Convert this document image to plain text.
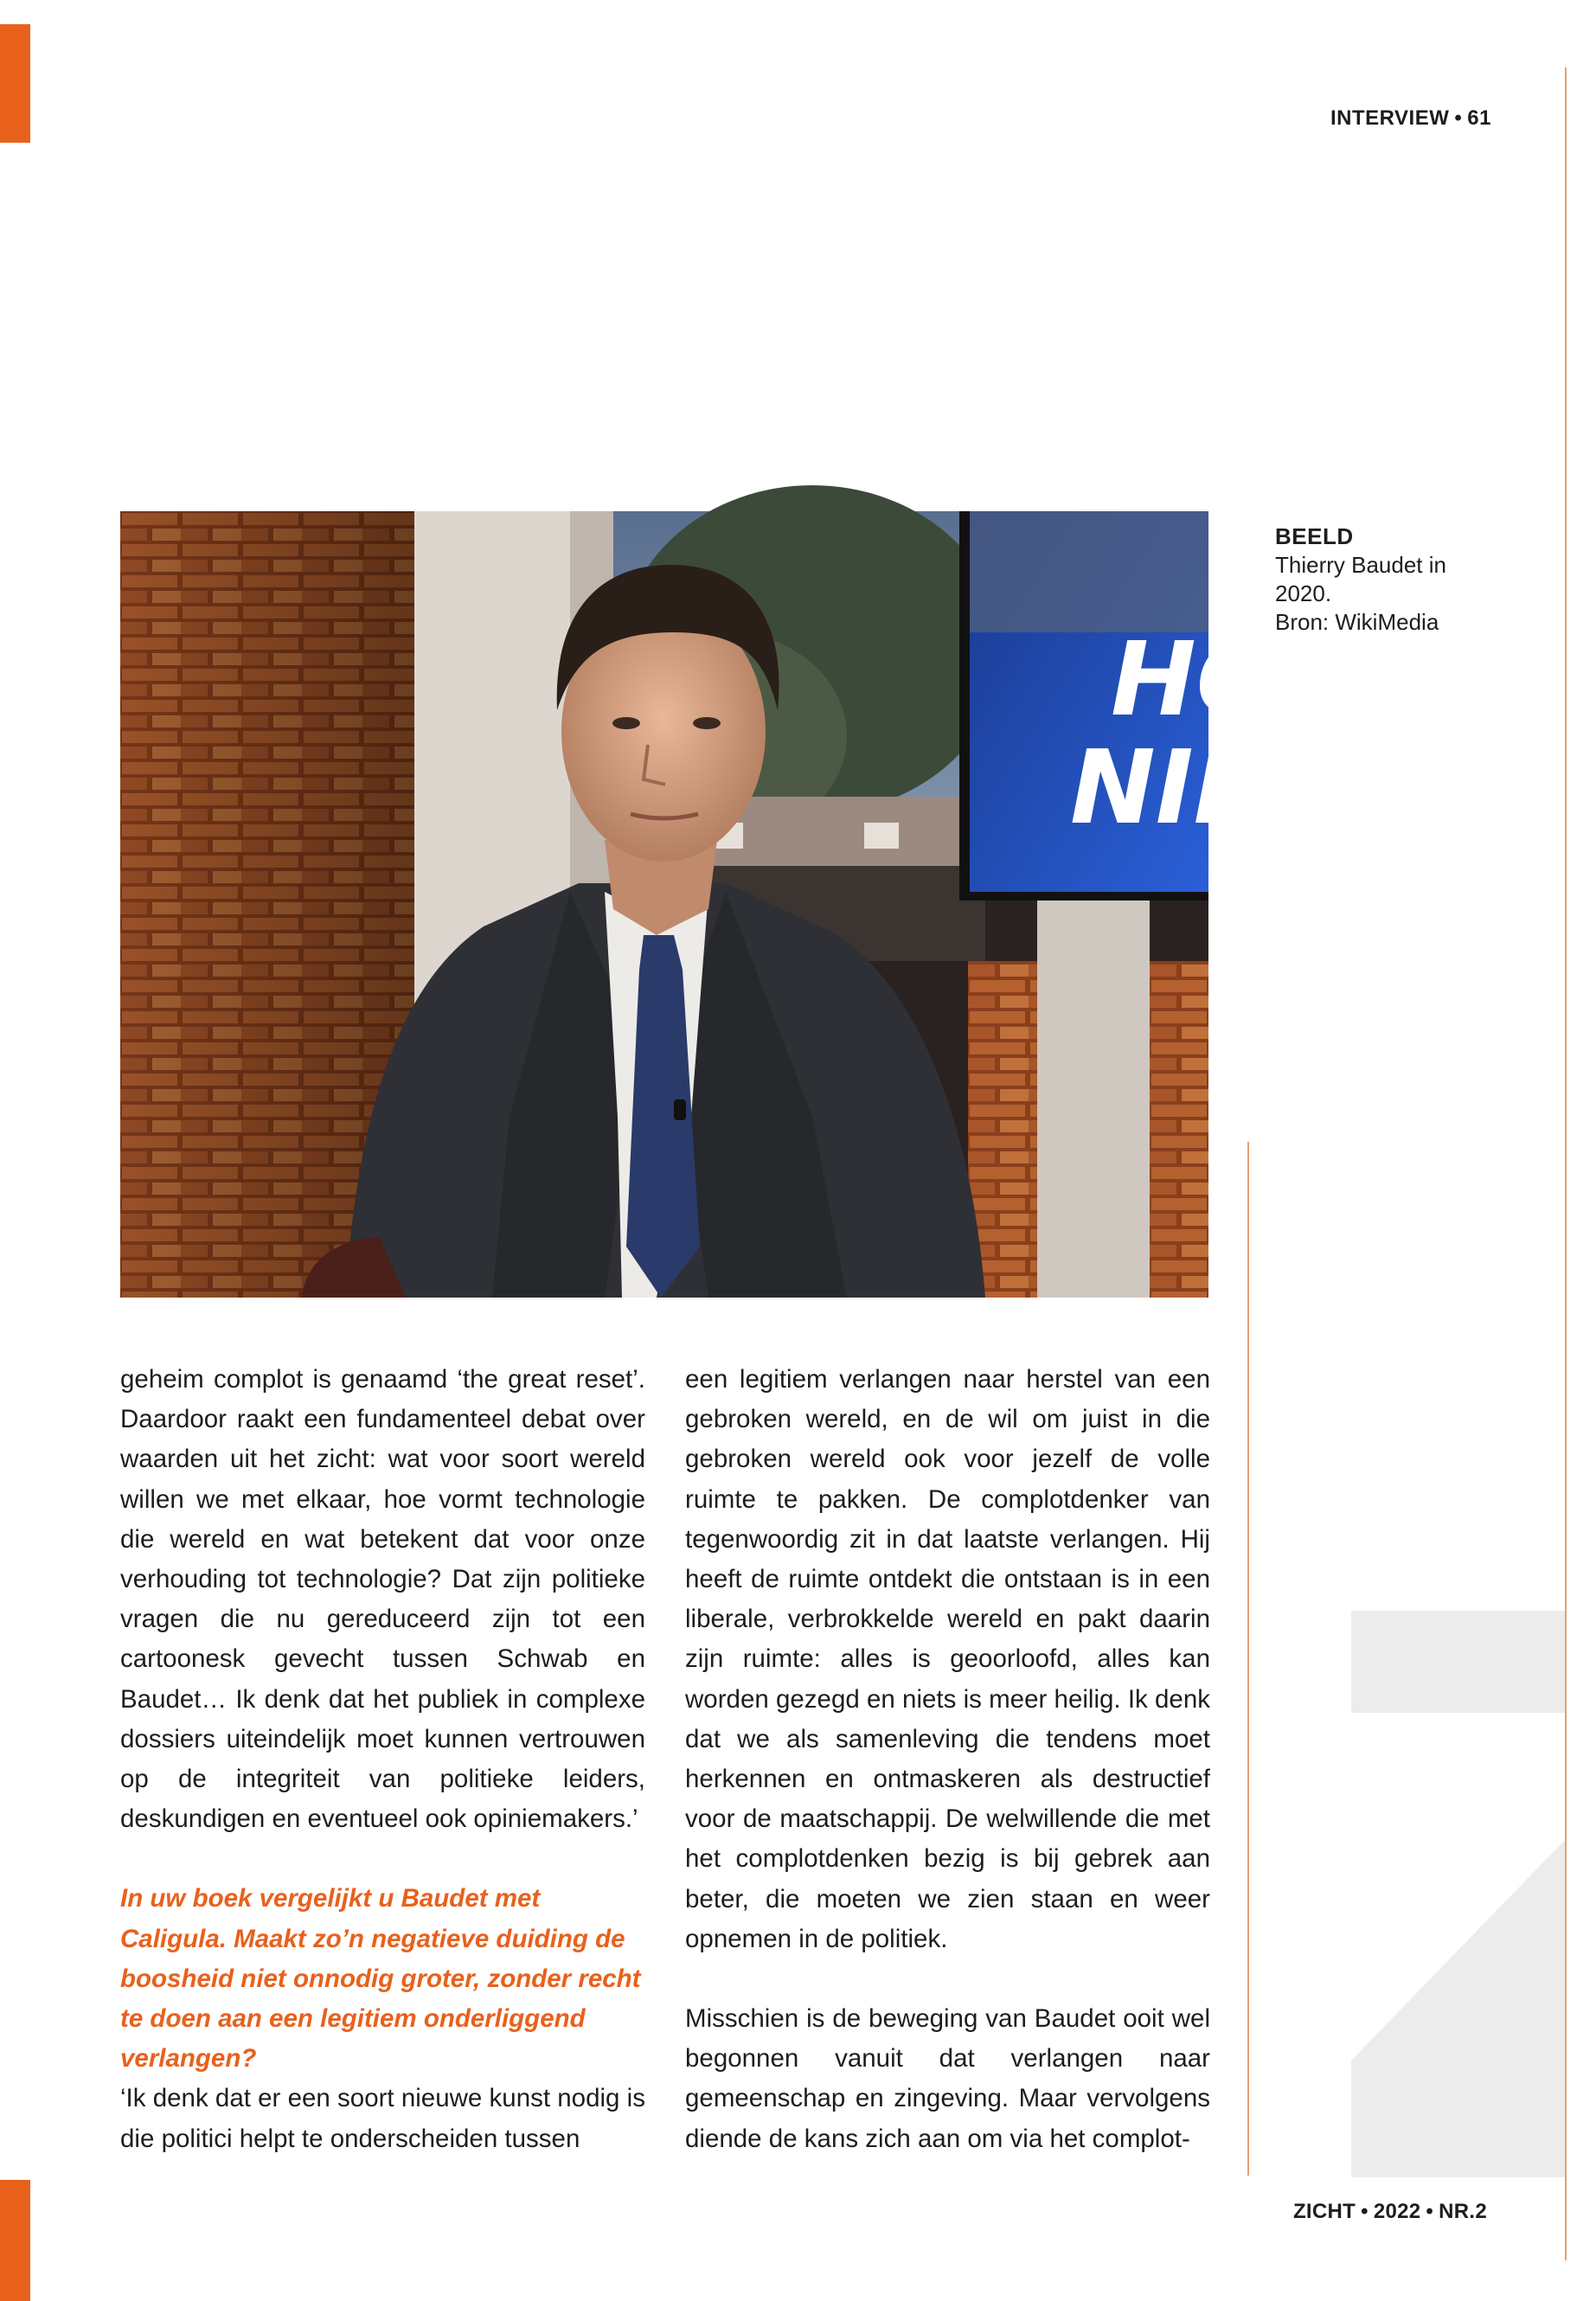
INTERVIEW • 61
BEELD
Thierry Baudet in
2020.
Bron: WikiMedia
HO
NIET

geheim complot is genaamd ‘the great reset’. Daardoor raakt een fundamenteel debat over waarden uit het zicht: wat voor soort wereld willen we met elkaar, hoe vormt technologie die wereld en wat betekent dat voor onze verhouding tot technologie? Dat zijn politieke vragen die nu gereduceerd zijn tot een cartoonesk gevecht tussen Schwab en Baudet… Ik denk dat het publiek in complexe dossiers uiteindelijk moet kunnen vertrouwen op de integriteit van politieke leiders, deskundigen en eventueel ook opiniemakers.’

In uw boek vergelijkt u Baudet met Caligula. Maakt zo’n negatieve duiding de boosheid niet onnodig groter, zonder recht te doen aan een legitiem onderliggend verlangen?

‘Ik denk dat er een soort nieuwe kunst nodig is die politici helpt te onderscheiden tussen

een legitiem verlangen naar herstel van een gebroken wereld, en de wil om juist in die gebroken wereld ook voor jezelf de volle ruimte te pakken. De complotdenker van tegenwoordig zit in dat laatste verlangen. Hij heeft de ruimte ontdekt die ontstaan is in een liberale, verbrokkelde wereld en pakt daarin zijn ruimte: alles is geoorloofd, alles kan worden gezegd en niets is meer heilig. Ik denk dat we als samenleving die tendens moet herkennen en ontmaskeren als destructief voor de maatschappij. De welwillende die met het complotdenken bezig is bij gebrek aan beter, die moeten we zien staan en weer opnemen in de politiek.

Misschien is de beweging van Baudet ooit wel begonnen vanuit dat verlangen naar gemeenschap en zingeving. Maar vervolgens diende de kans zich aan om via het complot-

ZICHT • 2022 • NR.2
